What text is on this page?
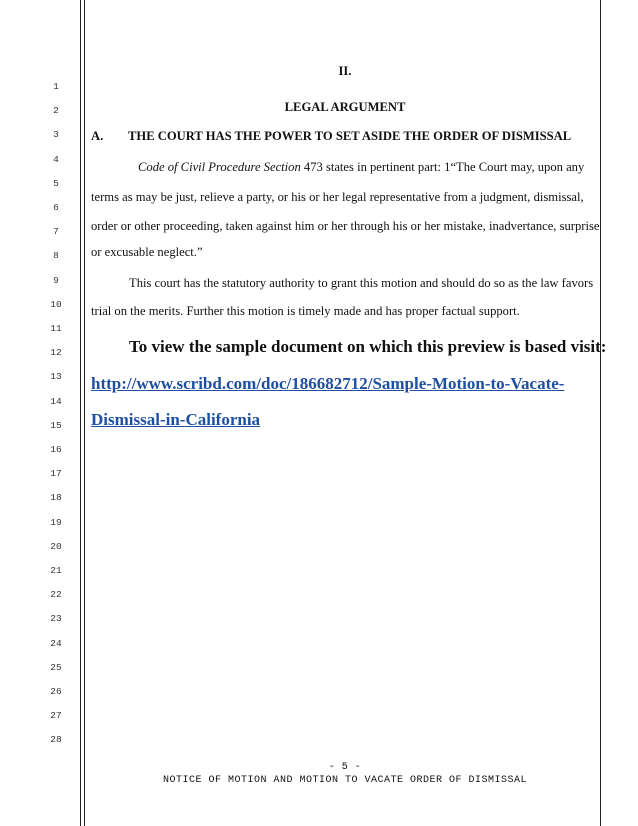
1
2
3
4
5
6
7
8
9
10
11
12
13
14
15
16
17
18
19
20
21
22
23
24
25
26
27
28
II.
LEGAL ARGUMENT
A. THE COURT HAS THE POWER TO SET ASIDE THE ORDER OF DISMISSAL
Code of Civil Procedure Section 473 states in pertinent part: 1“The Court may, upon any
terms as may be just, relieve a party, or his or her legal representative from a judgment, dismissal,
order or other proceeding, taken against him or her through his or her mistake, inadvertance, surprise
or excusable neglect.”
This court has the statutory authority to grant this motion and should do so as the law favors
trial on the merits. Further this motion is timely made and has proper factual support.
To view the sample document on which this preview is based visit:
http://www.scribd.com/doc/186682712/Sample-Motion-to-Vacate-
Dismissal-in-California
- 5 -
NOTICE OF MOTION AND MOTION TO VACATE ORDER OF DISMISSAL
